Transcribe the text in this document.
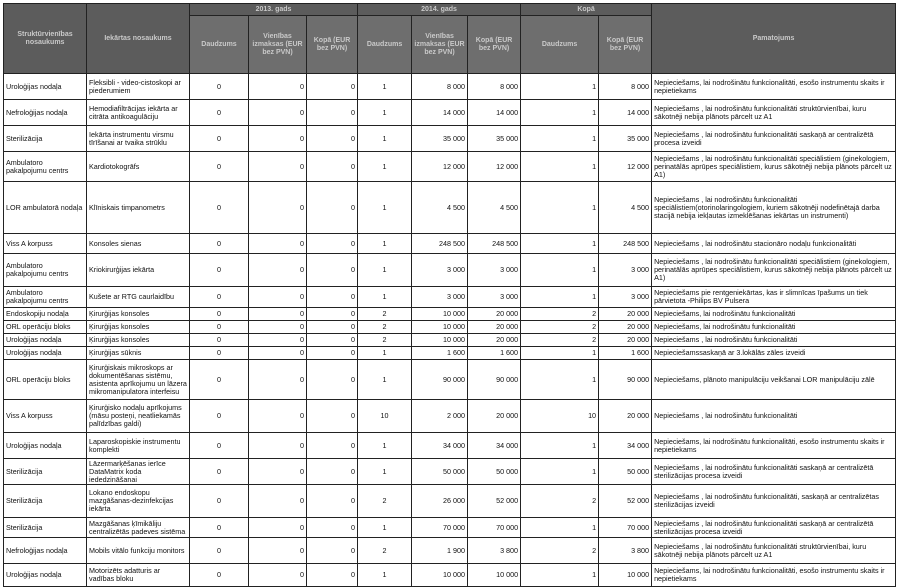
Struktūrvienības nosaukums	Iekārtas nosaukums	2013. gads			2014. gads			Kopā		Pamatojums
		Daudzums	Vienības izmaksas (EUR bez PVN)	Kopā (EUR bez PVN)	Daudzums	Vienības izmaksas (EUR bez PVN)	Kopā (EUR bez PVN)	Daudzums	Kopā (EUR bez PVN)	
Uroloģijas nodaļa	Fleksibli - video-cistoskopi ar piederumiem	0	0	0	1	8 000	8 000	1	8 000	Nepieciešams, lai nodrošinātu funkcionalitāti, esošo instrumentu skaits ir nepietiekams
Nefroloģijas nodaļa	Hemodiafiltrācijas iekārta ar citrāta antikoagulāciju	0	0	0	1	14 000	14 000	1	14 000	Nepieciešams , lai nodrošinātu funkcionalitāti struktūrvienībai, kuru sākotnēji nebija plānots pārcelt uz A1
Sterilizācija	Iekārta instrumentu virsmu tīrīšanai ar tvaika strūklu	0	0	0	1	35 000	35 000	1	35 000	Nepieciešams , lai nodrošinātu funkcionalitāti saskaņā ar centralizētā procesa izveidi
Ambulatoro pakalpojumu centrs	Kardiotokogrāfs	0	0	0	1	12 000	12 000	1	12 000	Nepieciešams , lai nodrošinātu funkcionalitāti speciālistiem (ginekologiem, perinatālās aprūpes speciālistiem, kurus sākotnēji nebija plānots pārcelt uz A1)
LOR ambulatorā nodaļa	Klīniskais timpanometrs	0	0	0	1	4 500	4 500	1	4 500	Nepieciešams , lai nodrošinātu funkcionalitāti speciālistiem(otorinolaringologiem, kuriem sākotnēji nodefinētajā darba stacijā nebija iekļautas izmeklēšanas iekārtas un instrumenti)
Viss A korpuss	Konsoles sienas	0	0	0	1	248 500	248 500	1	248 500	Nepieciešams , lai nodrošinātu stacionāro nodaļu funkcionalitāti
Ambulatoro pakalpojumu centrs	Kriokirurģijas iekārta	0	0	0	1	3 000	3 000	1	3 000	Nepieciešams , lai nodrošinātu funkcionalitāti speciālistiem (ginekologiem, perinatālās aprūpes speciālistiem, kurus sākotnēji nebija plānots pārcelt uz A1)
Ambulatoro pakalpojumu centrs	Kušete ar RTG caurlaidību	0	0	0	1	3 000	3 000	1	3 000	Nepieciešams pie rentgeniekārtas, kas ir slimnīcas īpašums un tiek pārvietota -Philips BV Pulsera
Endoskopiju nodaļa	Ķirurģijas konsoles	0	0	0	2	10 000	20 000	2	20 000	Nepieciešams, lai nodrošinātu funkcionalitāti
ORL operāciju bloks	Ķirurģijas konsoles	0	0	0	2	10 000	20 000	2	20 000	Nepieciešams, lai nodrošinātu funkcionalitāti
Uroloģijas nodaļa	Ķirurģijas konsoles	0	0	0	2	10 000	20 000	2	20 000	Nepieciešams , lai nodrošinātu funkcionalitāti
Uroloģijas nodaļa	Ķirurģijas sūknis	0	0	0	1	1 600	1 600	1	1 600	Nepieciešamssaskaņā ar 3.lokālās zāles izveidi
ORL operāciju bloks	Ķirurģiskais mikroskops ar dokumentēšanas sistēmu, asistenta aprīkojumu un lāzera mikromanipulatora interfeisu	0	0	0	1	90 000	90 000	1	90 000	Nepieciešams, plānoto manipulāciju veikšanai LOR manipulāciju zālē
Viss A korpuss	Ķirurģisko nodaļu aprīkojums (māsu posteņi, neatliekamās palīdzības galdi)	0	0	0	10	2 000	20 000	10	20 000	Nepieciešams , lai nodrošinātu funkcionalitāti
Uroloģijas nodaļa	Laparoskopiskie instrumentu komplekti	0	0	0	1	34 000	34 000	1	34 000	Nepieciešams, lai nodrošinātu funkcionalitāti, esošo instrumentu skaits ir nepietiekams
Sterilizācija	Lāzermarķēšanas ierīce DataMatrix koda iededzināšanai	0	0	0	1	50 000	50 000	1	50 000	Nepieciešams , lai nodrošinātu funkcionalitāti saskaņā ar centralizētā sterilizācijas procesa izveidi
Sterilizācija	Lokano endoskopu mazgāšanas-dezinfekcijas iekārta	0	0	0	2	26 000	52 000	2	52 000	Nepieciešams , lai nodrošinātu funkcionalitāti, saskaņā ar centralizētas sterilizācijas izveidi
Sterilizācija	Mazgāšanas ķīmikāliju centralizētās padeves sistēma	0	0	0	1	70 000	70 000	1	70 000	Nepieciešams , lai nodrošinātu funkcionalitāti saskaņā ar centralizētā sterilizācijas procesa izveidi
Nefroloģijas nodaļa	Mobils vitālo funkciju monitors	0	0	0	2	1 900	3 800	2	3 800	Nepieciešams , lai nodrošinātu funkcionalitāti struktūrvienībai, kuru sākotnēji nebija plānots pārcelt uz A1
Uroloģijas nodaļa	Motorizēts adatturis ar vadības bloku	0	0	0	1	10 000	10 000	1	10 000	Nepieciešams, lai nodrošinātu funkcionalitāti, esošo instrumentu skaits ir nepietiekams
